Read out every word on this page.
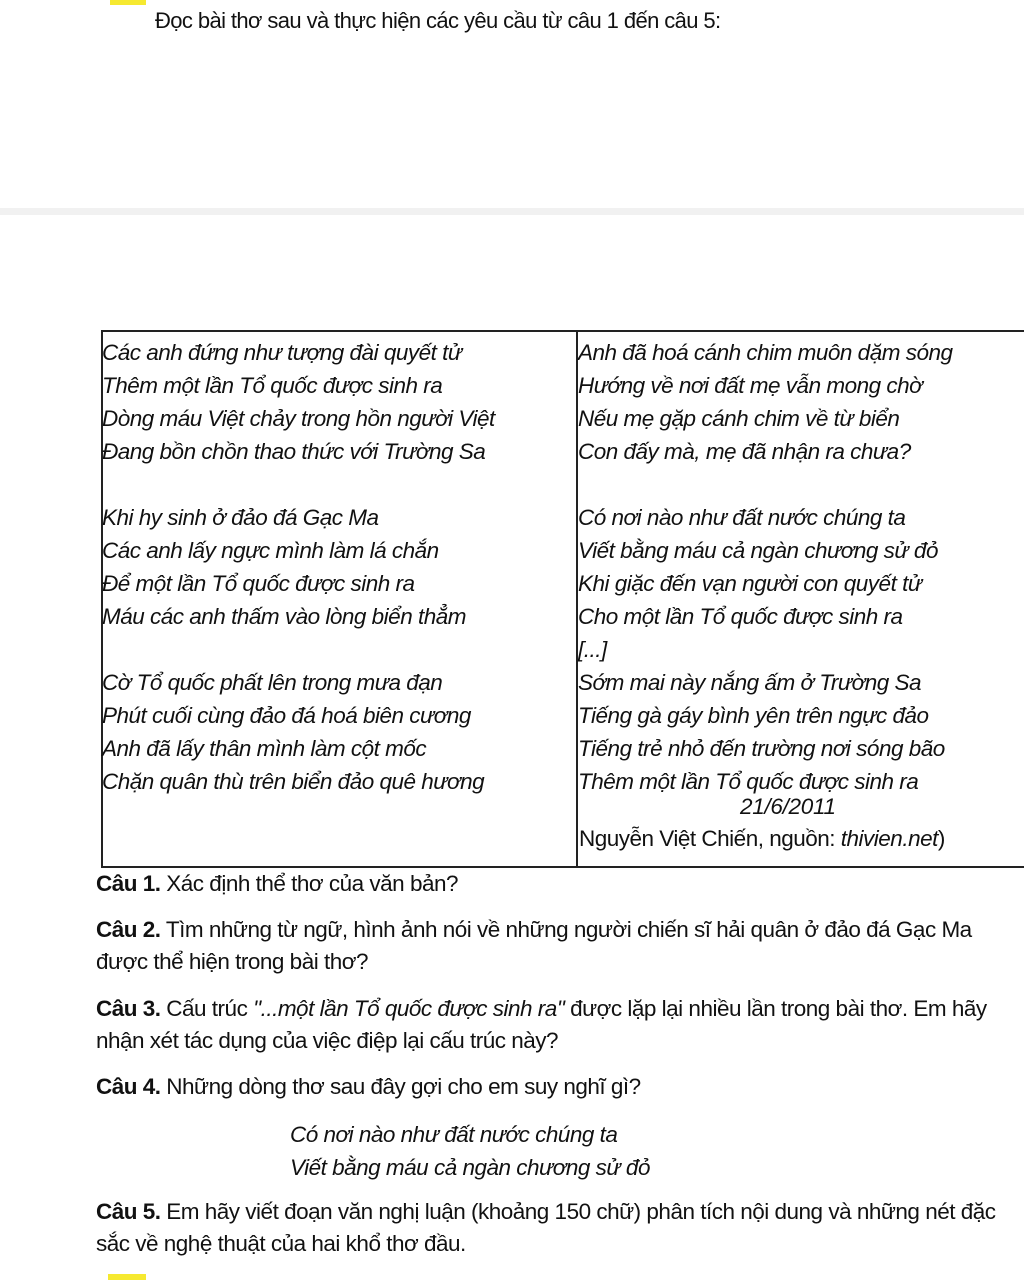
Đọc bài thơ sau và thực hiện các yêu cầu từ câu 1 đến câu 5:
Các anh đứng như tượng đài quyết tử
Thêm một lần Tổ quốc được sinh ra
Dòng máu Việt chảy trong hồn người Việt
Đang bồn chồn thao thức với Trường Sa
Khi hy sinh ở đảo đá Gạc Ma
Các anh lấy ngực mình làm lá chắn
Để một lần Tổ quốc được sinh ra
Máu các anh thấm vào lòng biển thẳm
Cờ Tổ quốc phất lên trong mưa đạn
Phút cuối cùng đảo đá hoá biên cương
Anh đã lấy thân mình làm cột mốc
Chặn quân thù trên biển đảo quê hương
Anh đã hoá cánh chim muôn dặm sóng
Hướng về nơi đất mẹ vẫn mong chờ
Nếu mẹ gặp cánh chim về từ biển
Con đấy mà, mẹ đã nhận ra chưa?
Có nơi nào như đất nước chúng ta
Viết bằng máu cả ngàn chương sử đỏ
Khi giặc đến vạn người con quyết tử
Cho một lần Tổ quốc được sinh ra
[...]
Sớm mai này nắng ấm ở Trường Sa
Tiếng gà gáy bình yên trên ngực đảo
Tiếng trẻ nhỏ đến trường nơi sóng bão
Thêm một lần Tổ quốc được sinh ra
21/6/2011
Nguyễn Việt Chiến, nguồn: thivien.net)
Câu 1. Xác định thể thơ của văn bản?
Câu 2. Tìm những từ ngữ, hình ảnh nói về những người chiến sĩ hải quân ở đảo đá Gạc Ma được thể hiện trong bài thơ?
Câu 3. Cấu trúc "...một lần Tổ quốc được sinh ra" được lặp lại nhiều lần trong bài thơ. Em hãy nhận xét tác dụng của việc điệp lại cấu trúc này?
Câu 4. Những dòng thơ sau đây gợi cho em suy nghĩ gì?
Có nơi nào như đất nước chúng ta
Viết bằng máu cả ngàn chương sử đỏ
Câu 5. Em hãy viết đoạn văn nghị luận (khoảng 150 chữ) phân tích nội dung và những nét đặc sắc về nghệ thuật của hai khổ thơ đầu.
